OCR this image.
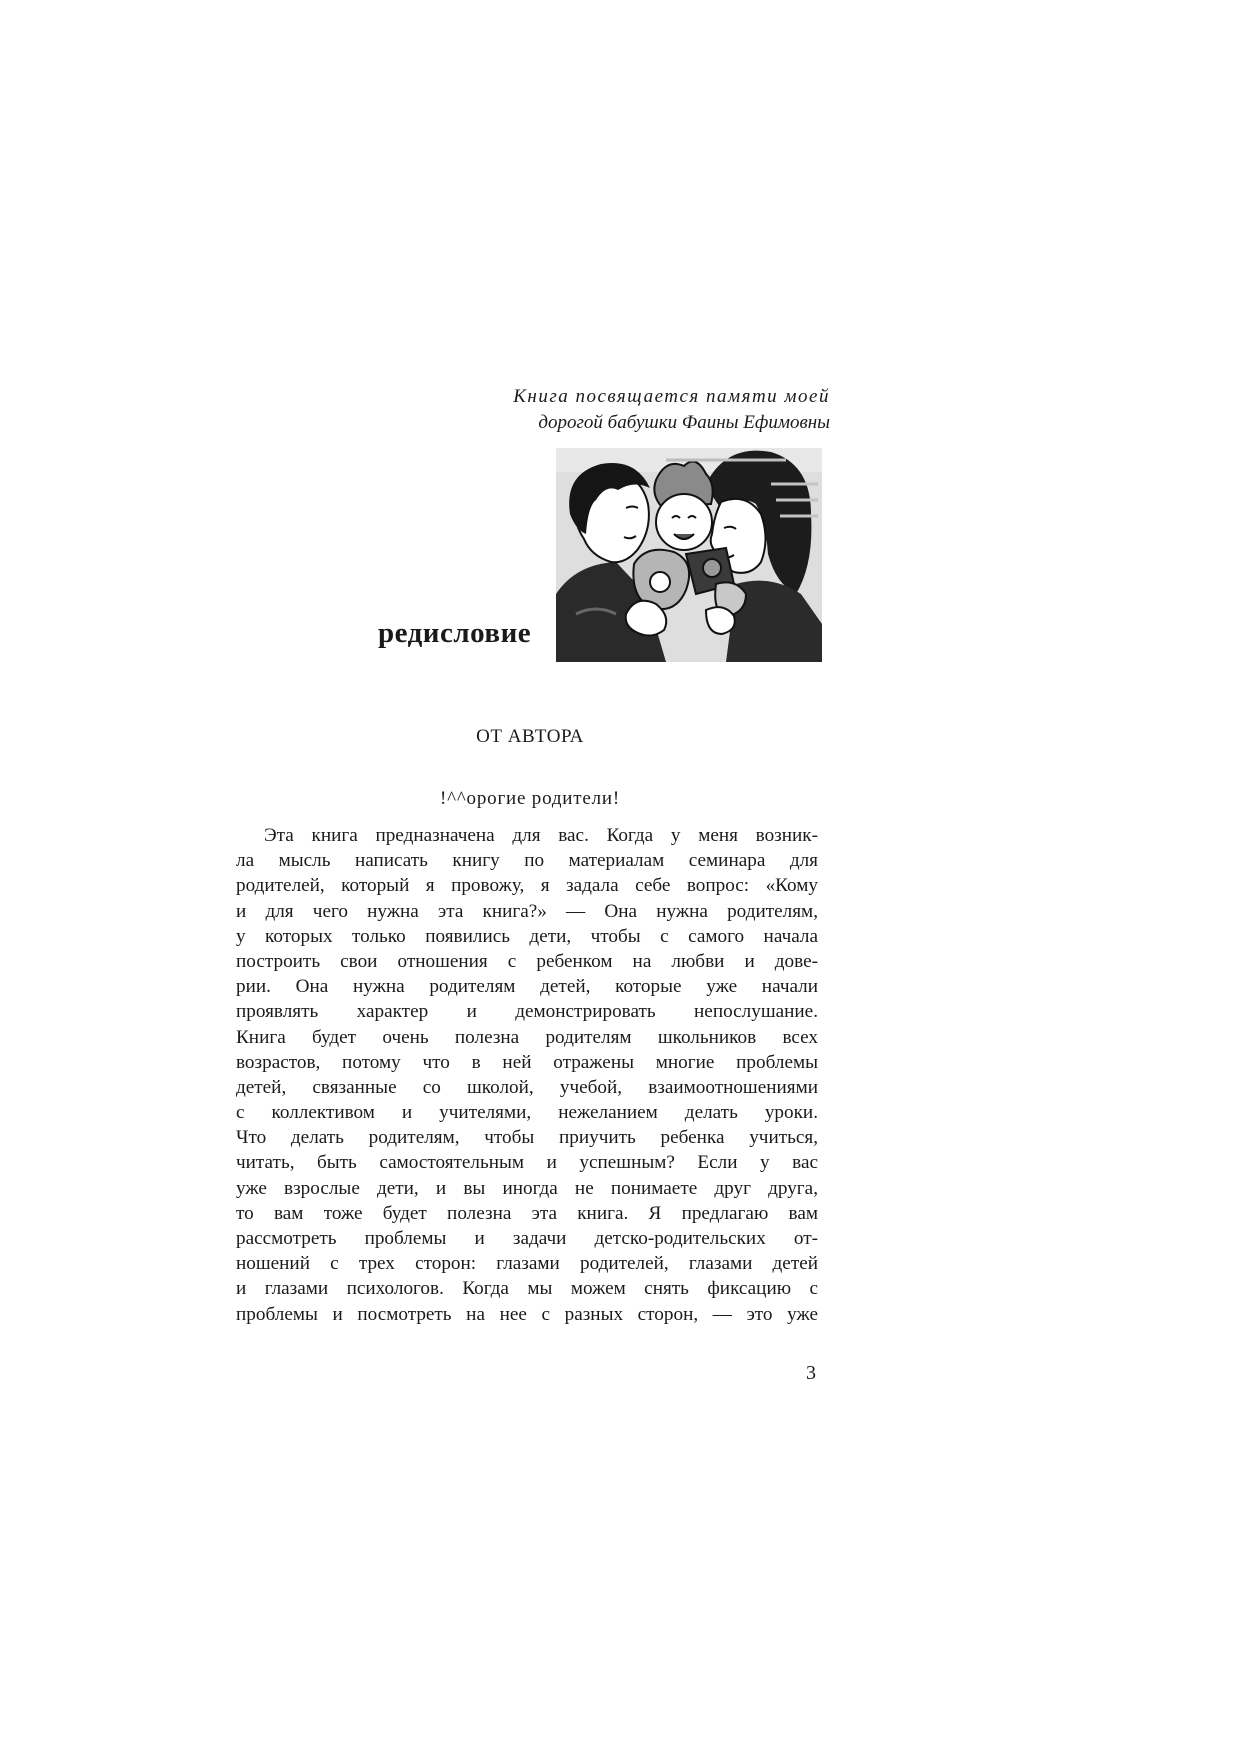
Книга посвящается памяти моей
дорогой бабушки Фаины Ефимовны
редисловие
ОТ АВТОРА
!^^орогие родители!
Эта книга предназначена для вас. Когда у меня возник-
ла мысль написать книгу по материалам семинара для
родителей, который я провожу, я задала себе вопрос: «Кому
и для чего нужна эта книга?» — Она нужна родителям,
у которых только появились дети, чтобы с самого начала
построить свои отношения с ребенком на любви и дове-
рии. Она нужна родителям детей, которые уже начали
проявлять характер и демонстрировать непослушание.
Книга будет очень полезна родителям школьников всех
возрастов, потому что в ней отражены многие проблемы
детей, связанные со школой, учебой, взаимоотношениями
с коллективом и учителями, нежеланием делать уроки.
Что делать родителям, чтобы приучить ребенка учиться,
читать, быть самостоятельным и успешным? Если у вас
уже взрослые дети, и вы иногда не понимаете друг друга,
то вам тоже будет полезна эта книга. Я предлагаю вам
рассмотреть проблемы и задачи детско-родительских от-
ношений с трех сторон: глазами родителей, глазами детей
и глазами психологов. Когда мы можем снять фиксацию с
проблемы и посмотреть на нее с разных сторон, — это уже
3
